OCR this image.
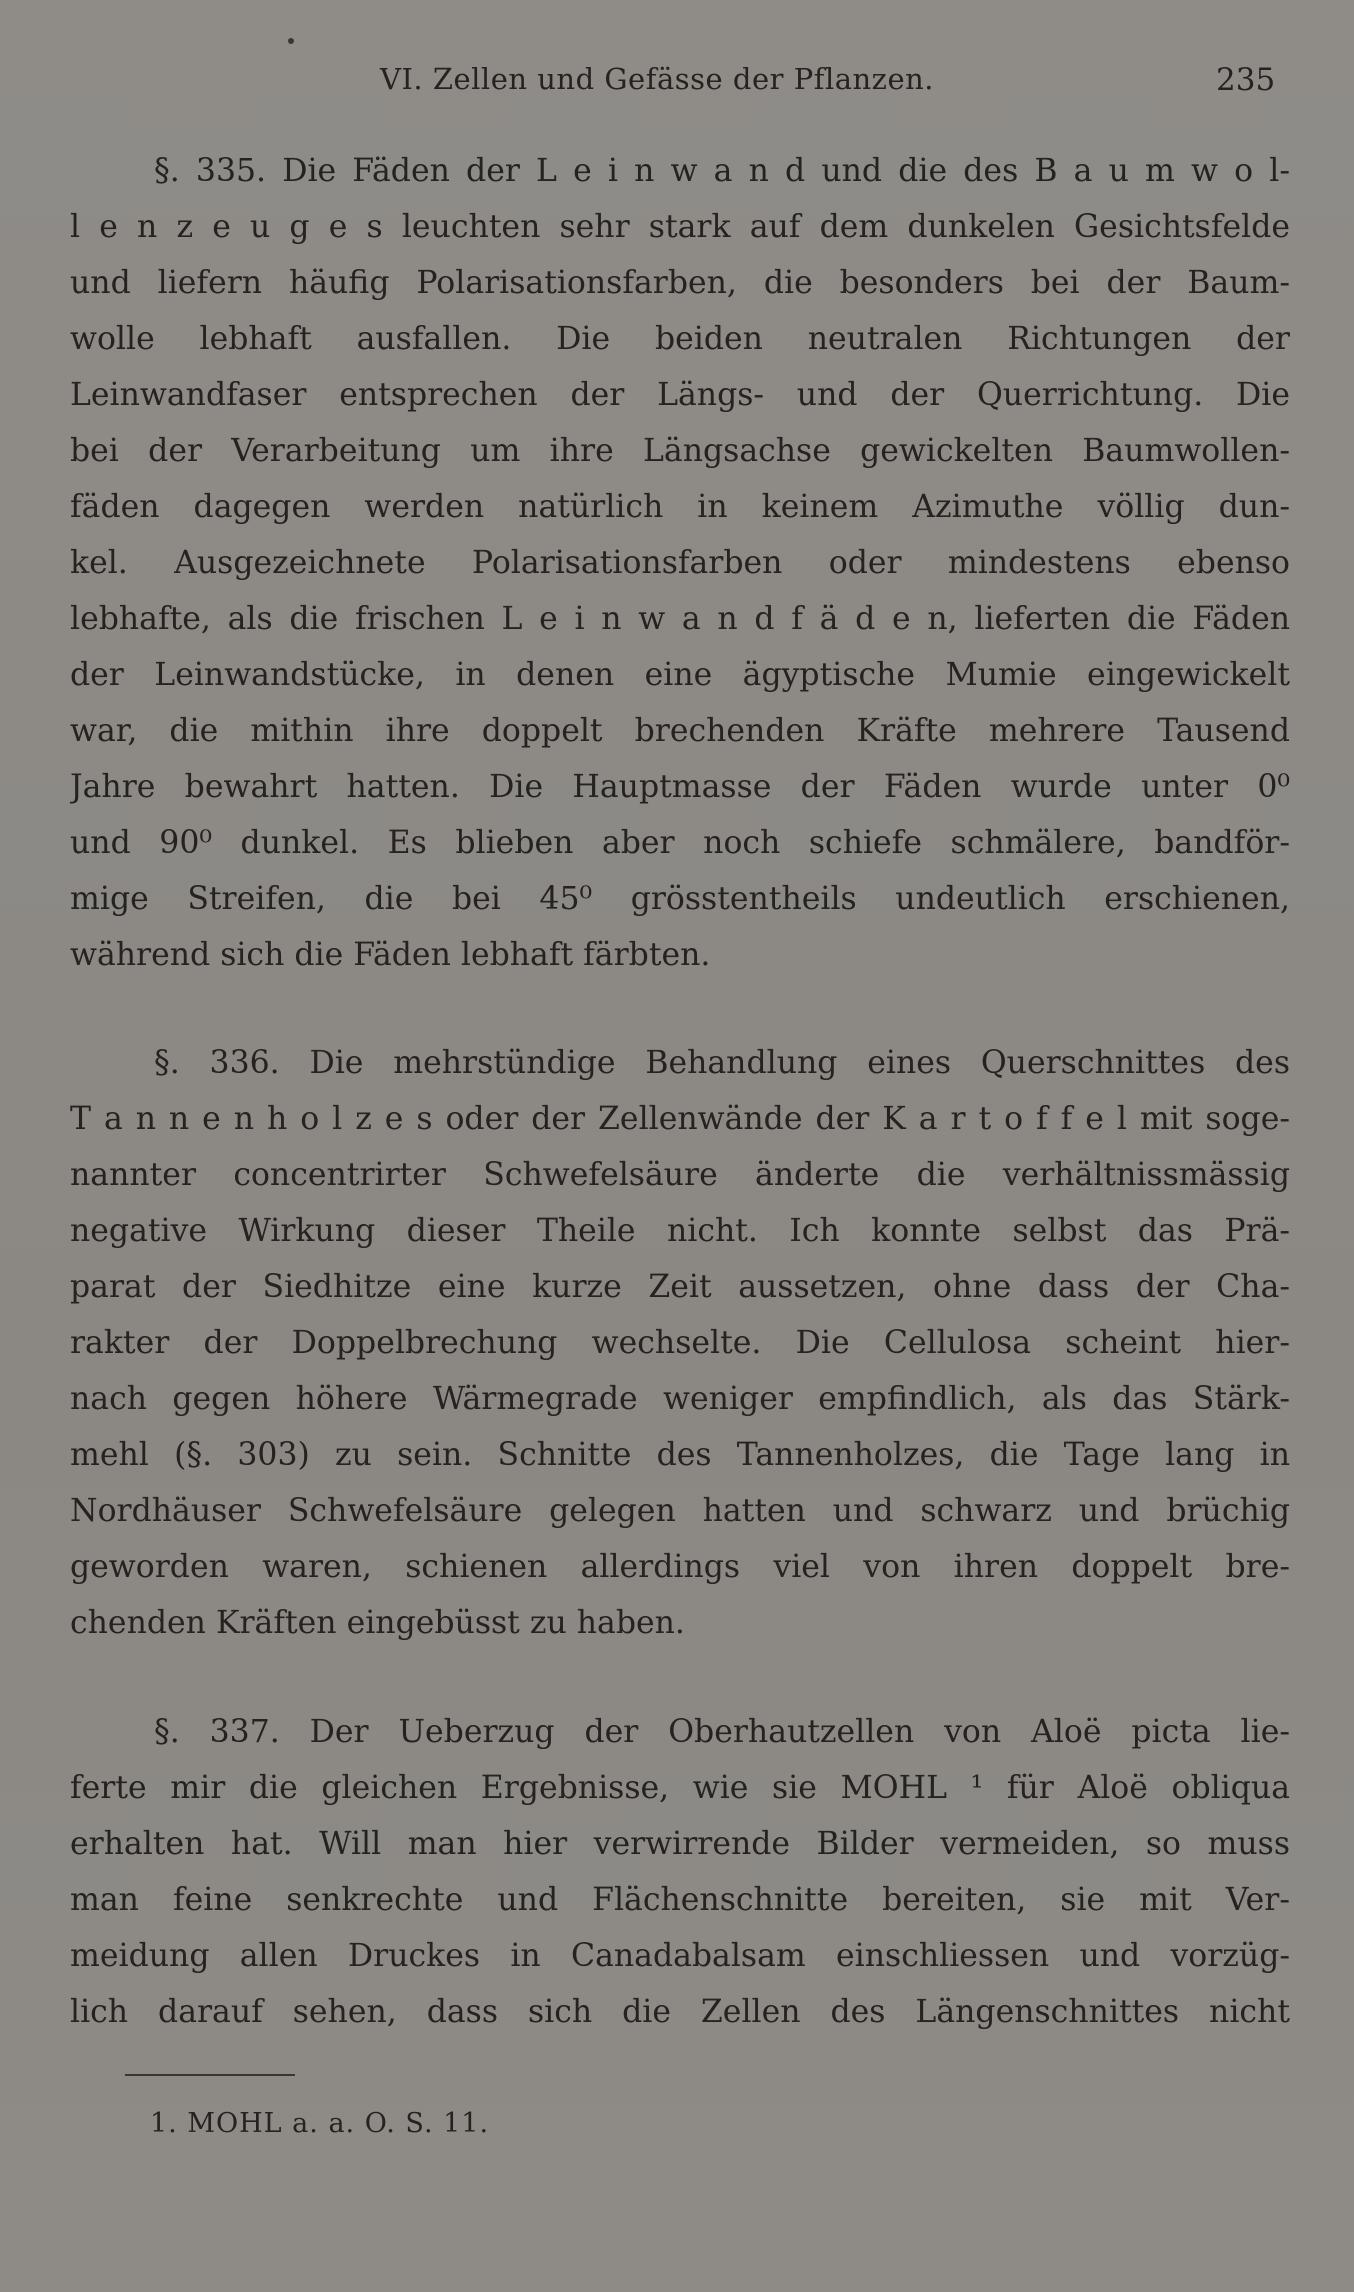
VI. Zellen und Gefässe der Pflanzen.	235
§. 335. Die Fäden der L e i n w a n d und die des B a u m w o l-
l e n z e u g e s leuchten sehr stark auf dem dunkelen Gesichtsfelde
und liefern häufig Polarisationsfarben, die besonders bei der Baum-
wolle lebhaft ausfallen. Die beiden neutralen Richtungen der
Leinwandfaser entsprechen der Längs- und der Querrichtung. Die
bei der Verarbeitung um ihre Längsachse gewickelten Baumwollen-
fäden dagegen werden natürlich in keinem Azimuthe völlig dun-
kel. Ausgezeichnete Polarisationsfarben oder mindestens ebenso
lebhafte, als die frischen L e i n w a n d f ä d e n, lieferten die Fäden
der Leinwandstücke, in denen eine ägyptische Mumie eingewickelt
war, die mithin ihre doppelt brechenden Kräfte mehrere Tausend
Jahre bewahrt hatten. Die Hauptmasse der Fäden wurde unter 0⁰
und 90⁰ dunkel. Es blieben aber noch schiefe schmälere, bandför-
mige Streifen, die bei 45⁰ grösstentheils undeutlich erschienen,
während sich die Fäden lebhaft färbten.
§. 336. Die mehrstündige Behandlung eines Querschnittes des
T a n n e n h o l z e s oder der Zellenwände der K a r t o f f e l mit soge-
nannter concentrirter Schwefelsäure änderte die verhältnissmässig
negative Wirkung dieser Theile nicht. Ich konnte selbst das Prä-
parat der Siedhitze eine kurze Zeit aussetzen, ohne dass der Cha-
rakter der Doppelbrechung wechselte. Die Cellulosa scheint hier-
nach gegen höhere Wärmegrade weniger empfindlich, als das Stärk-
mehl (§. 303) zu sein. Schnitte des Tannenholzes, die Tage lang in
Nordhäuser Schwefelsäure gelegen hatten und schwarz und brüchig
geworden waren, schienen allerdings viel von ihren doppelt bre-
chenden Kräften eingebüsst zu haben.
§. 337. Der Ueberzug der Oberhautzellen von Aloë picta lie-
ferte mir die gleichen Ergebnisse, wie sie MOHL ¹ für Aloë obliqua
erhalten hat. Will man hier verwirrende Bilder vermeiden, so muss
man feine senkrechte und Flächenschnitte bereiten, sie mit Ver-
meidung allen Druckes in Canadabalsam einschliessen und vorzüg-
lich darauf sehen, dass sich die Zellen des Längenschnittes nicht
1. MOHL a. a. O. S. 11.
